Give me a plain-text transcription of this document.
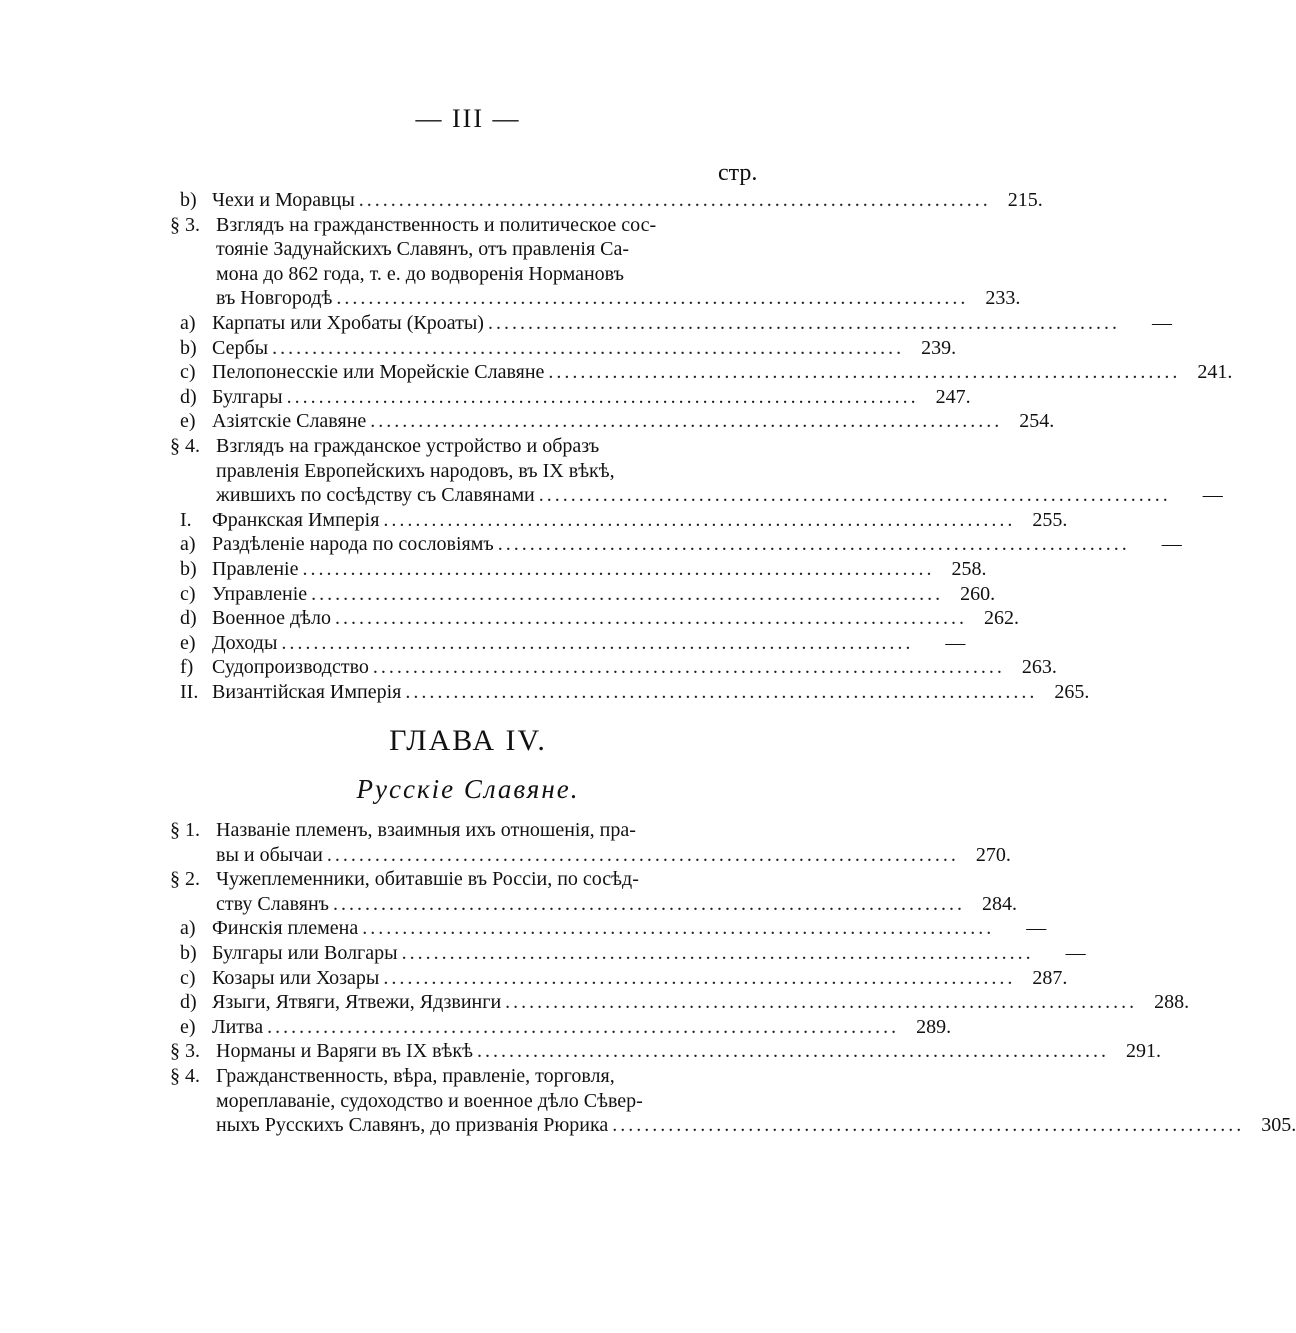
— III —
стр.
b) Чехи и Моравцы . . .	215.
§ 3. Взглядъ на гражданственность и политическое сос-
тояніе Задунайскихъ Славянъ, отъ правленія Са-
мона до 862 года, т. е. до водворенія Нормановъ
въ Новгородѣ . . .	233.
a) Карпаты или Хробаты (Кроаты) . . .	—
b) Сербы . . .	239.
c) Пелопонесскіе или Морейскіе Славяне . . .	241.
d) Булгары . . .	247.
e) Азіятскіе Славяне . . .	254.
§ 4. Взглядъ на гражданское устройство и образъ
правленія Европейскихъ народовъ, въ IX вѣкѣ,
жившихъ по сосѣдству съ Славянами . . .	—
I.	Франкская Имперія . . .	255.
a) Раздѣленіе народа по сословіямъ . . .	—
b) Правленіе . . .	258.
c) Управленіе . . .	260.
d) Военное дѣло . . .	262.
e) Доходы . . .	—
f) Судопроизводство . . .	263.
II. Византійская Имперія . . .	265.
ГЛАВА IV.
Русскіе Славяне.
§ 1. Названіе племенъ, взаимныя ихъ отношенія, пра-
вы и обычаи . . .	270.
§ 2. Чужеплеменники, обитавшіе въ Россіи, по сосѣд-
ству Славянъ . . .	284.
a) Финскія племена . . .	—
b) Булгары или Волгары . . .	—
c) Козары или Хозары . . .	287.
d) Языги, Ятвяги, Ятвежи, Ядзвинги . . .	288.
e) Литва . . .	289.
§ 3. Норманы и Варяги въ IX вѣкѣ . . .	291.
§ 4. Гражданственность, вѣра, правленіе, торговля,
мореплаваніе, судоходство и военное дѣло Сѣвер-
ныхъ Русскихъ Славянъ, до призванія Рюрика . . .	305.
